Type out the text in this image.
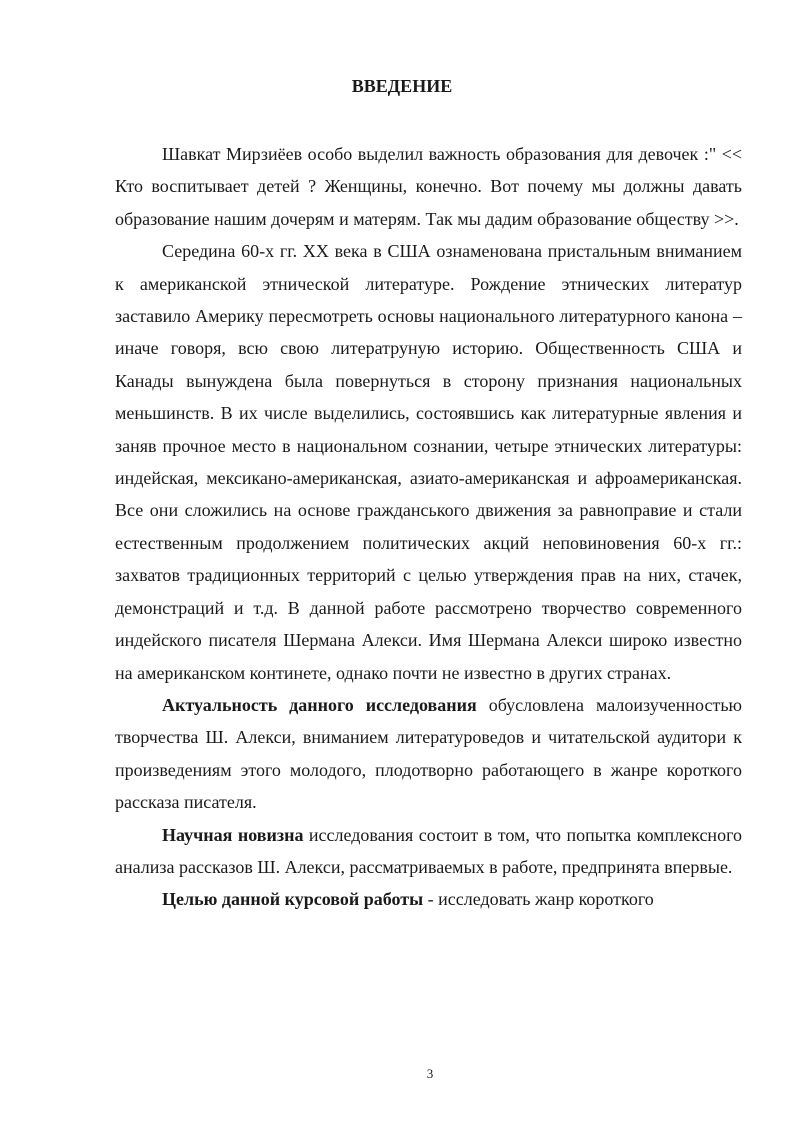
ВВЕДЕНИЕ

Шавкат Мирзиёев особо выделил важность образования для девочек :" << Кто воспитывает детей ? Женщины, конечно. Вот почему мы должны давать образование нашим дочерям и матерям. Так мы дадим образование обществу >>.

Середина 60-х гг. XX века в США ознаменована пристальным вниманием к американской этнической литературе. Рождение этнических литератур заставило Америку пересмотреть основы национального литературного канона – иначе говоря, всю свою литератруную историю. Общественность США и Канады вынуждена была повернуться в сторону признания национальных меньшинств. В их числе выделились, состоявшись как литературные явления и заняв прочное место в национальном сознании, четыре этнических литературы: индейская, мексикано-американская, азиато-американская и афроамериканская. Все они сложились на основе гражданського движения за равноправие и стали естественным продолжением политических акций неповиновения 60-х гг.: захватов традиционных территорий с целью утверждения прав на них, стачек, демонстраций и т.д. В данной работе рассмотрено творчество современного индейского писателя Шермана Алекси. Имя Шермана Алекси широко известно на американском континете, однако почти не известно в других странах.

Актуальность данного исследования обусловлена малоизученностью творчества Ш. Алекси, вниманием литературоведов и читательской аудитори к произведениям этого молодого, плодотворно работающего в жанре короткого рассказа писателя.

Научная новизна исследования состоит в том, что попытка комплексного анализа рассказов Ш. Алекси, рассматриваемых в работе, предпринята впервые.

Целью данной курсовой работы - исследовать жанр короткого

3
